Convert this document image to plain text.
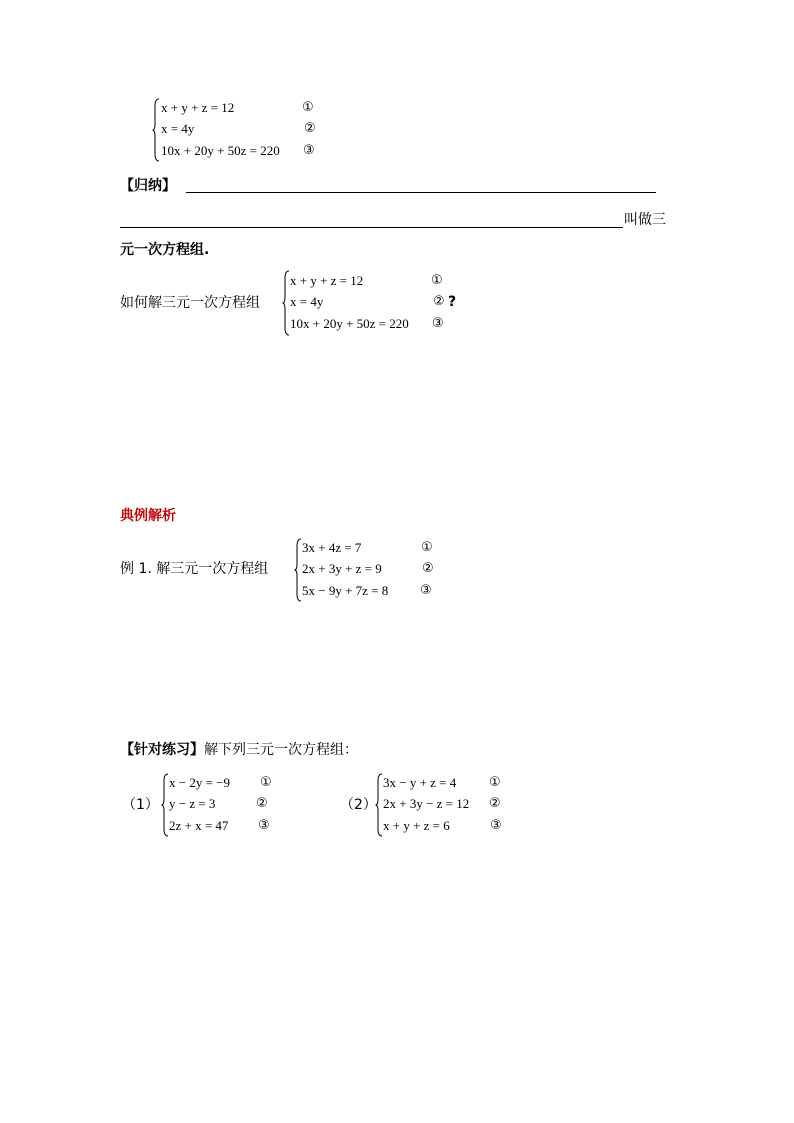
x + y + z = 12
x = 4y
10x + 20y + 50z = 220
①
②
③
【归纳】
叫做三
元一次方程组.
如何解三元一次方程组
x + y + z = 12
x = 4y
10x + 20y + 50z = 220
①
②
③
?
典例解析
例 1. 解三元一次方程组
3x + 4z = 7
2x + 3y + z = 9
5x − 9y + 7z = 8
①
②
③
【针对练习】解下列三元一次方程组：
（1）
x − 2y = −9
y − z = 3
2z + x = 47
①
②
③
（2）
3x − y + z = 4
2x + 3y − z = 12
x + y + z = 6
①
②
③
